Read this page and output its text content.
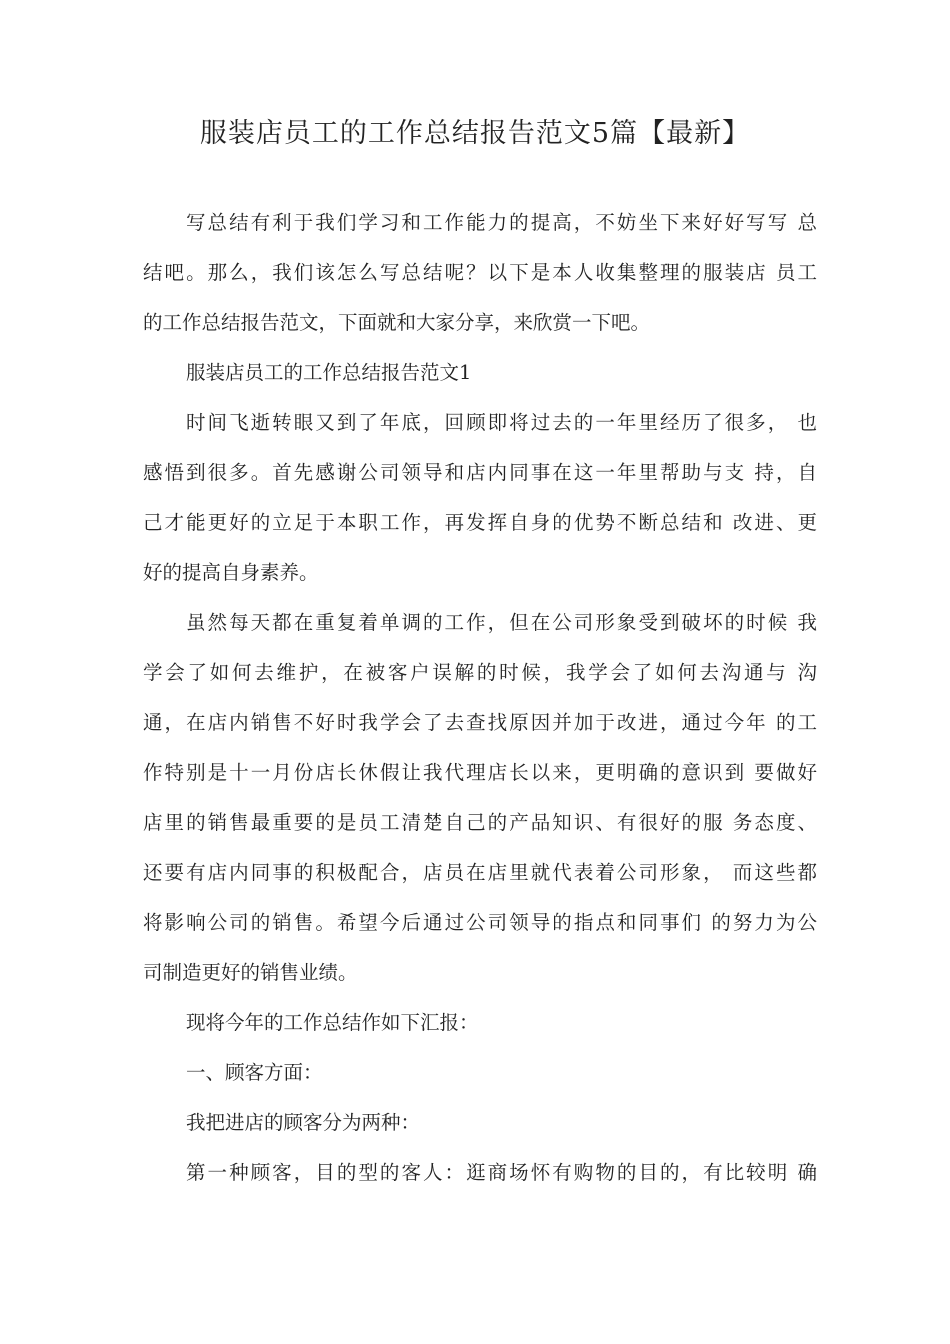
服装店员工的工作总结报告范文5篇【最新】
写总结有利于我们学习和工作能力的提高，不妨坐下来好好写写 总
结吧。那么，我们该怎么写总结呢？以下是本人收集整理的服装店 员工
的工作总结报告范文，下面就和大家分享，来欣赏一下吧。
服装店员工的工作总结报告范文1
时间飞逝转眼又到了年底，回顾即将过去的一年里经历了很多， 也
感悟到很多。首先感谢公司领导和店内同事在这一年里帮助与支 持，自
己才能更好的立足于本职工作，再发挥自身的优势不断总结和 改进、更
好的提高自身素养。
虽然每天都在重复着单调的工作，但在公司形象受到破坏的时候 我
学会了如何去维护，在被客户误解的时候，我学会了如何去沟通与 沟
通，在店内销售不好时我学会了去查找原因并加于改进，通过今年 的工
作特别是十一月份店长休假让我代理店长以来，更明确的意识到 要做好
店里的销售最重要的是员工清楚自己的产品知识、有很好的服 务态度、
还要有店内同事的积极配合，店员在店里就代表着公司形象， 而这些都
将影响公司的销售。希望今后通过公司领导的指点和同事们 的努力为公
司制造更好的销售业绩。
现将今年的工作总结作如下汇报：
一、顾客方面：
我把进店的顾客分为两种：
第一种顾客，目的型的客人：逛商场怀有购物的目的，有比较明 确
